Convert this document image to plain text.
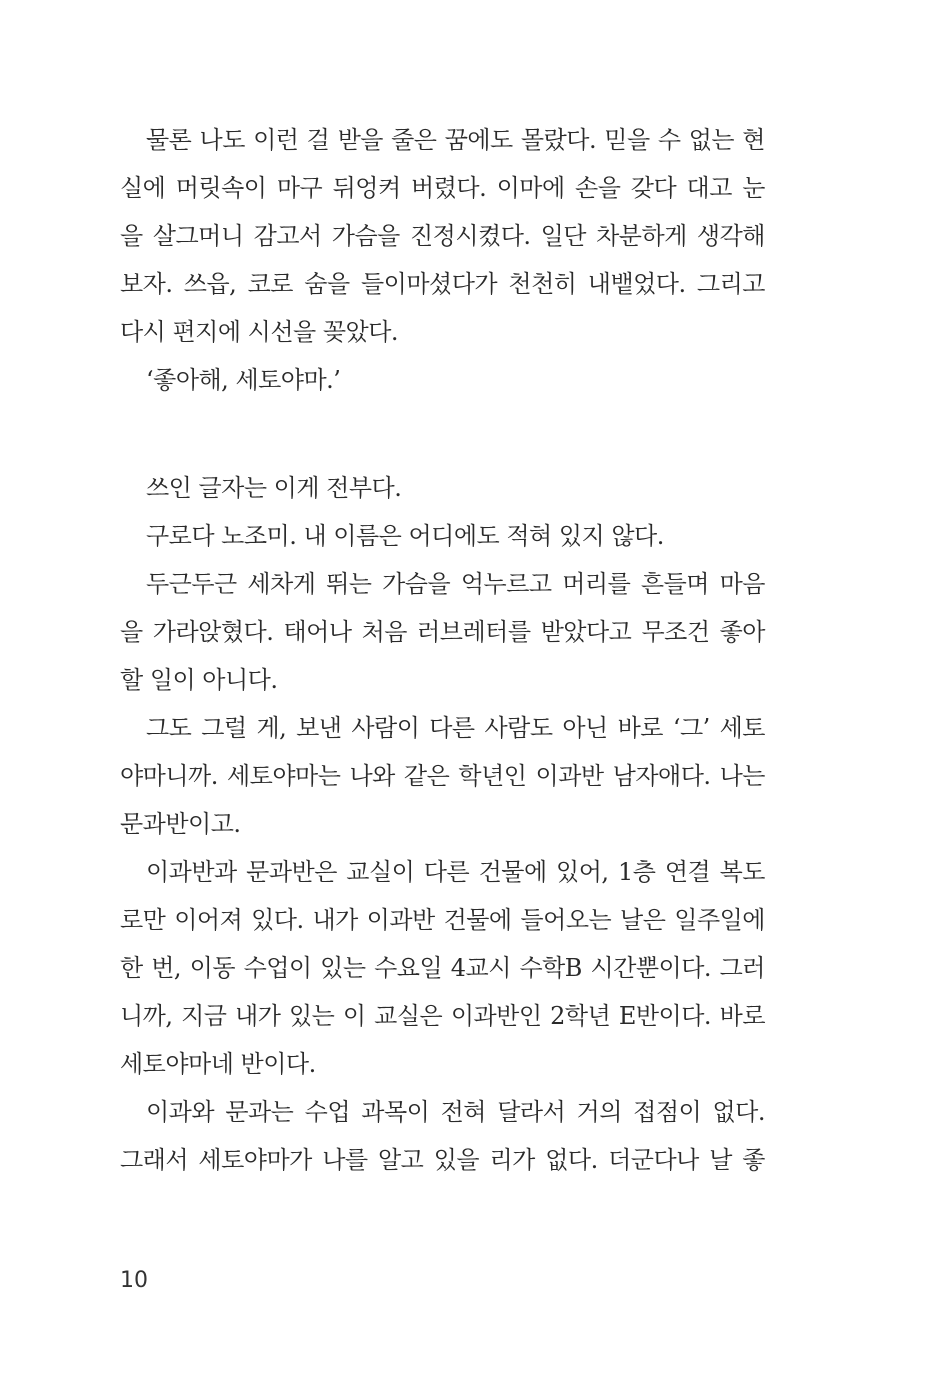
물론 나도 이런 걸 받을 줄은 꿈에도 몰랐다. 믿을 수 없는 현
실에 머릿속이 마구 뒤엉켜 버렸다. 이마에 손을 갖다 대고 눈
을 살그머니 감고서 가슴을 진정시켰다. 일단 차분하게 생각해
보자. 쓰읍, 코로 숨을 들이마셨다가 천천히 내뱉었다. 그리고
다시 편지에 시선을 꽂았다.
‘좋아해, 세토야마.’
쓰인 글자는 이게 전부다.
구로다 노조미. 내 이름은 어디에도 적혀 있지 않다.
두근두근 세차게 뛰는 가슴을 억누르고 머리를 흔들며 마음
을 가라앉혔다. 태어나 처음 러브레터를 받았다고 무조건 좋아
할 일이 아니다.
그도 그럴 게, 보낸 사람이 다른 사람도 아닌 바로 ‘그’ 세토
야마니까. 세토야마는 나와 같은 학년인 이과반 남자애다. 나는
문과반이고.
이과반과 문과반은 교실이 다른 건물에 있어, 1층 연결 복도
로만 이어져 있다. 내가 이과반 건물에 들어오는 날은 일주일에
한 번, 이동 수업이 있는 수요일 4교시 수학B 시간뿐이다. 그러
니까, 지금 내가 있는 이 교실은 이과반인 2학년 E반이다. 바로
세토야마네 반이다.
이과와 문과는 수업 과목이 전혀 달라서 거의 접점이 없다.
그래서 세토야마가 나를 알고 있을 리가 없다. 더군다나 날 좋
10
